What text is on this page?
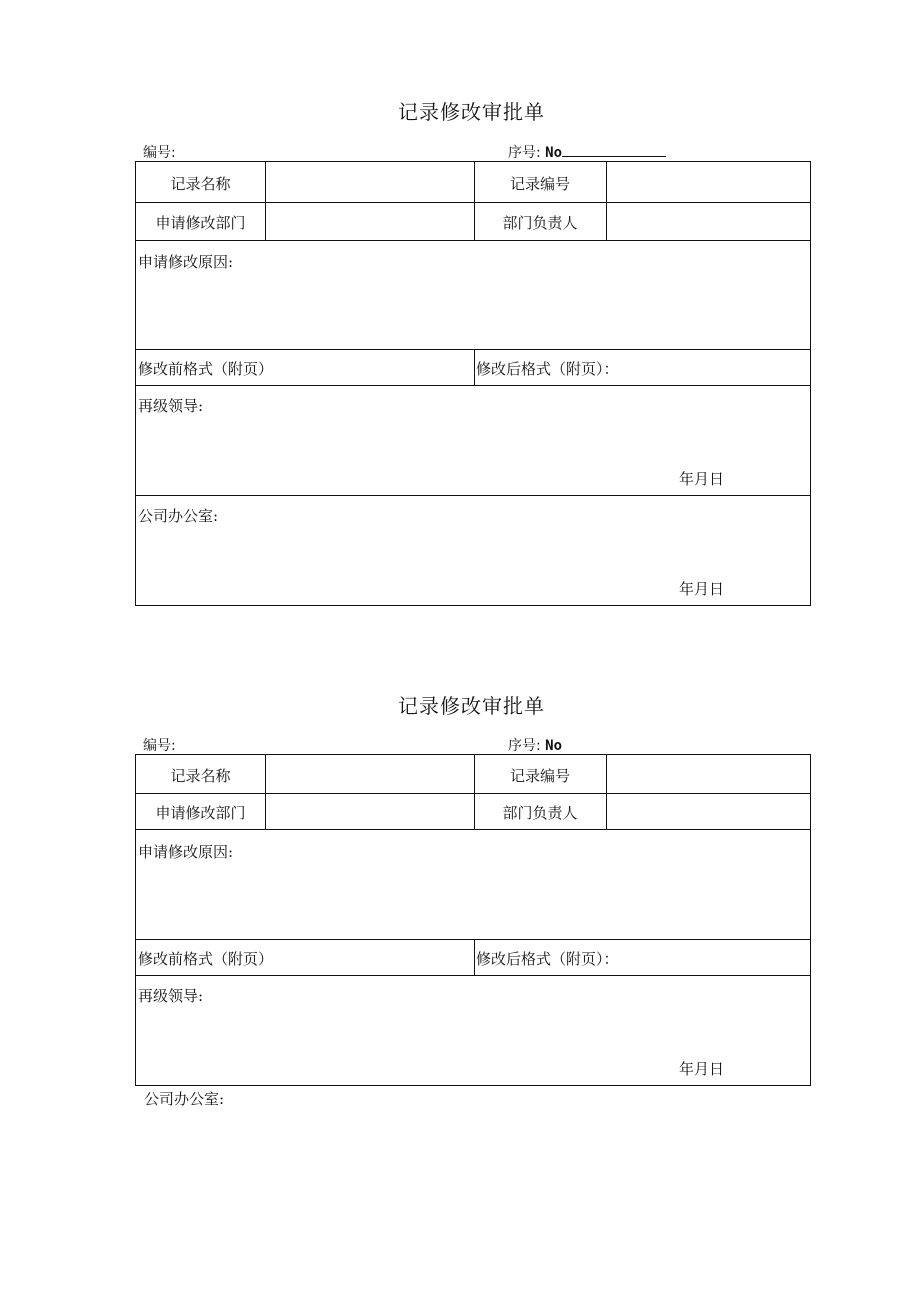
记录修改审批单
编号:	序号: No
记录名称	记录编号
申请修改部门	部门负责人
申请修改原因:
修改前格式（附页）	修改后格式（附页）：
再级领导:
年月日
公司办公室:
年月日
记录修改审批单
编号:	序号: No
记录名称	记录编号
申请修改部门	部门负责人
申请修改原因:
修改前格式（附页）	修改后格式（附页）：
再级领导:
年月日
公司办公室:
